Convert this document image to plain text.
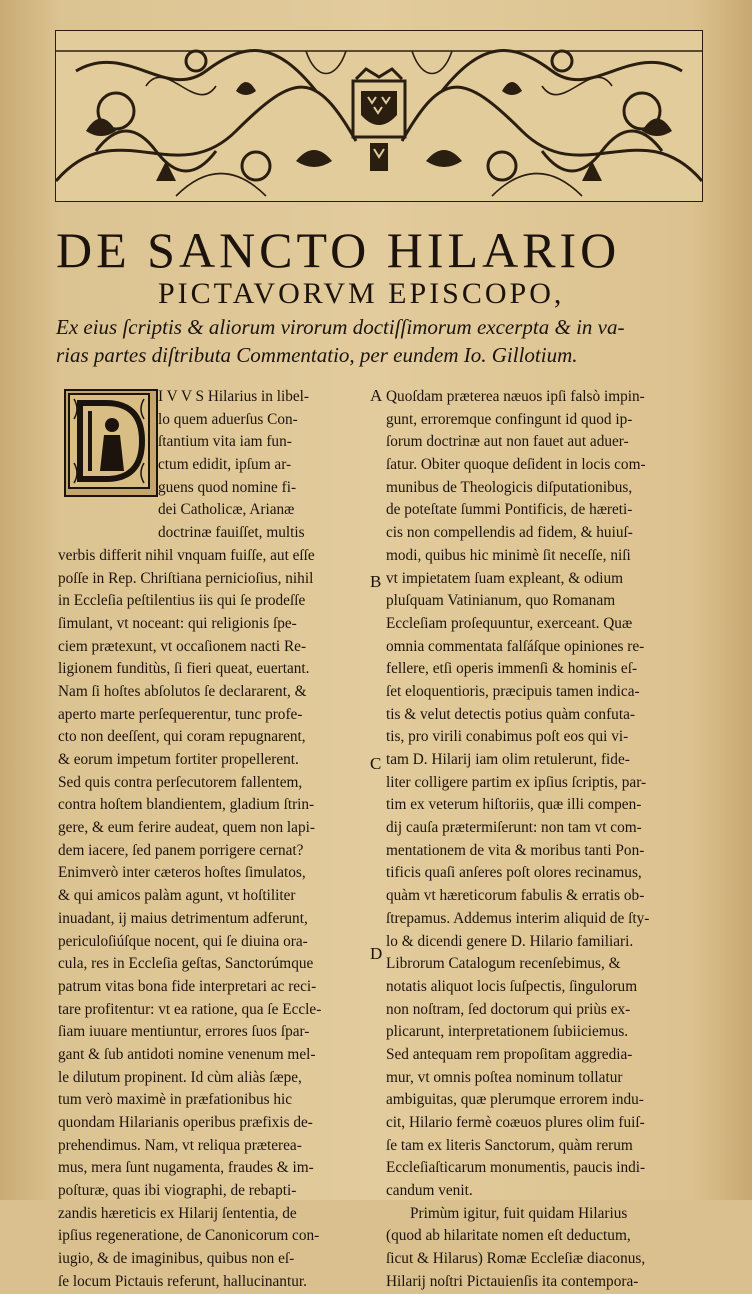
DE SANCTO HILARIO
PICTAVORVM EPISCOPO,
Ex eius ſcriptis & aliorum virorum doctiſſimorum excerpta & in va-
rias partes diſtributa Commentatio, per eundem Io. Gillotium.
I V V S Hilarius in libel-
lo quem aduerſus Con-
ſtantium vita iam fun-
ctum edidit, ipſum ar-
guens quod nomine fi-
dei Catholicæ, Arianæ
doctrinæ fauiſſet, multis
verbis differit nihil vnquam fuiſſe, aut eſſe
poſſe in Rep. Chriſtiana pernicioſius, nihil
in Eccleſia peſtilentius iis qui ſe prodeſſe
ſimulant, vt noceant: qui religionis ſpe-
ciem prætexunt, vt occaſionem nacti Re-
ligionem funditùs, ſi fieri queat, euertant.
Nam ſi hoſtes abſolutos ſe declararent, &
aperto marte perſequerentur, tunc profe-
cto non deeſſent, qui coram repugnarent,
& eorum impetum fortiter propellerent.
Sed quis contra perſecutorem fallentem,
contra hoſtem blandientem, gladium ſtrin-
gere, & eum ferire audeat, quem non lapi-
dem iacere, ſed panem porrigere cernat?
Enimverò inter cæteros hoſtes ſimulatos,
& qui amicos palàm agunt, vt hoſtiliter
inuadant, ij maius detrimentum adferunt,
periculoſiúſque nocent, qui ſe diuina ora-
cula, res in Eccleſia geſtas, Sanctorúmque
patrum vitas bona fide interpretari ac reci-
tare profitentur: vt ea ratione, qua ſe Eccle-
ſiam iuuare mentiuntur, errores ſuos ſpar-
gant & ſub antidoti nomine venenum mel-
le dilutum propinent. Id cùm aliàs ſæpe,
tum verò maximè in præfationibus hic
quondam Hilarianis operibus præfixis de-
prehendimus. Nam, vt reliqua præterea-
mus, mera ſunt nugamenta, fraudes & im-
poſturæ, quas ibi viographi, de rebapti-
zandis hæreticis ex Hilarij ſententia, de
ipſius regeneratione, de Canonicorum con-
iugio, & de imaginibus, quibus non eſ-
ſe locum Pictauis referunt, hallucinantur.
Quoſdam præterea næuos ipſi falsò impin-
gunt, erroremque confingunt id quod ip-
ſorum doctrinæ aut non fauet aut aduer-
ſatur. Obiter quoque deſident in locis com-
munibus de Theologicis diſputationibus,
de poteſtate ſummi Pontificis, de hæreti-
cis non compellendis ad fidem, & huiuſ-
modi, quibus hic minimè ſit neceſſe, niſi
vt impietatem ſuam expleant, & odium
pluſquam Vatinianum, quo Romanam
Eccleſiam proſequuntur, exerceant. Quæ
omnia commentata falſáſque opiniones re-
fellere, etſi operis immenſi & hominis eſ-
ſet eloquentioris, præcipuis tamen indica-
tis & velut detectis potius quàm confuta-
tis, pro virili conabimus poſt eos qui vi-
tam D. Hilarij iam olim retulerunt, fide-
liter colligere partim ex ipſius ſcriptis, par-
tim ex veterum hiſtoriis, quæ illi compen-
dij cauſa prætermiſerunt: non tam vt com-
mentationem de vita & moribus tanti Pon-
tificis quaſi anſeres poſt olores recinamus,
quàm vt hæreticorum fabulis & erratis ob-
ſtrepamus. Addemus interim aliquid de ſty-
lo & dicendi genere D. Hilario familiari.
Librorum Catalogum recenſebimus, &
notatis aliquot locis ſuſpectis, ſingulorum
non noſtram, ſed doctorum qui priùs ex-
plicarunt, interpretationem ſubiiciemus.
Sed antequam rem propoſitam aggredia-
mur, vt omnis poſtea nominum tollatur
ambiguitas, quæ plerumque errorem indu-
cit, Hilario fermè coæuos plures olim fuiſ-
ſe tam ex literis Sanctorum, quàm rerum
Eccleſiaſticarum monumentis, paucis indi-
candum venit.
Primùm igitur, fuit quidam Hilarius
(quod ab hilaritate nomen eſt deductum,
ſicut & Hilarus) Romæ Eccleſiæ diaconus,
Hilarij noſtri Pictauienſis ita contempora-
A
B
C
D
